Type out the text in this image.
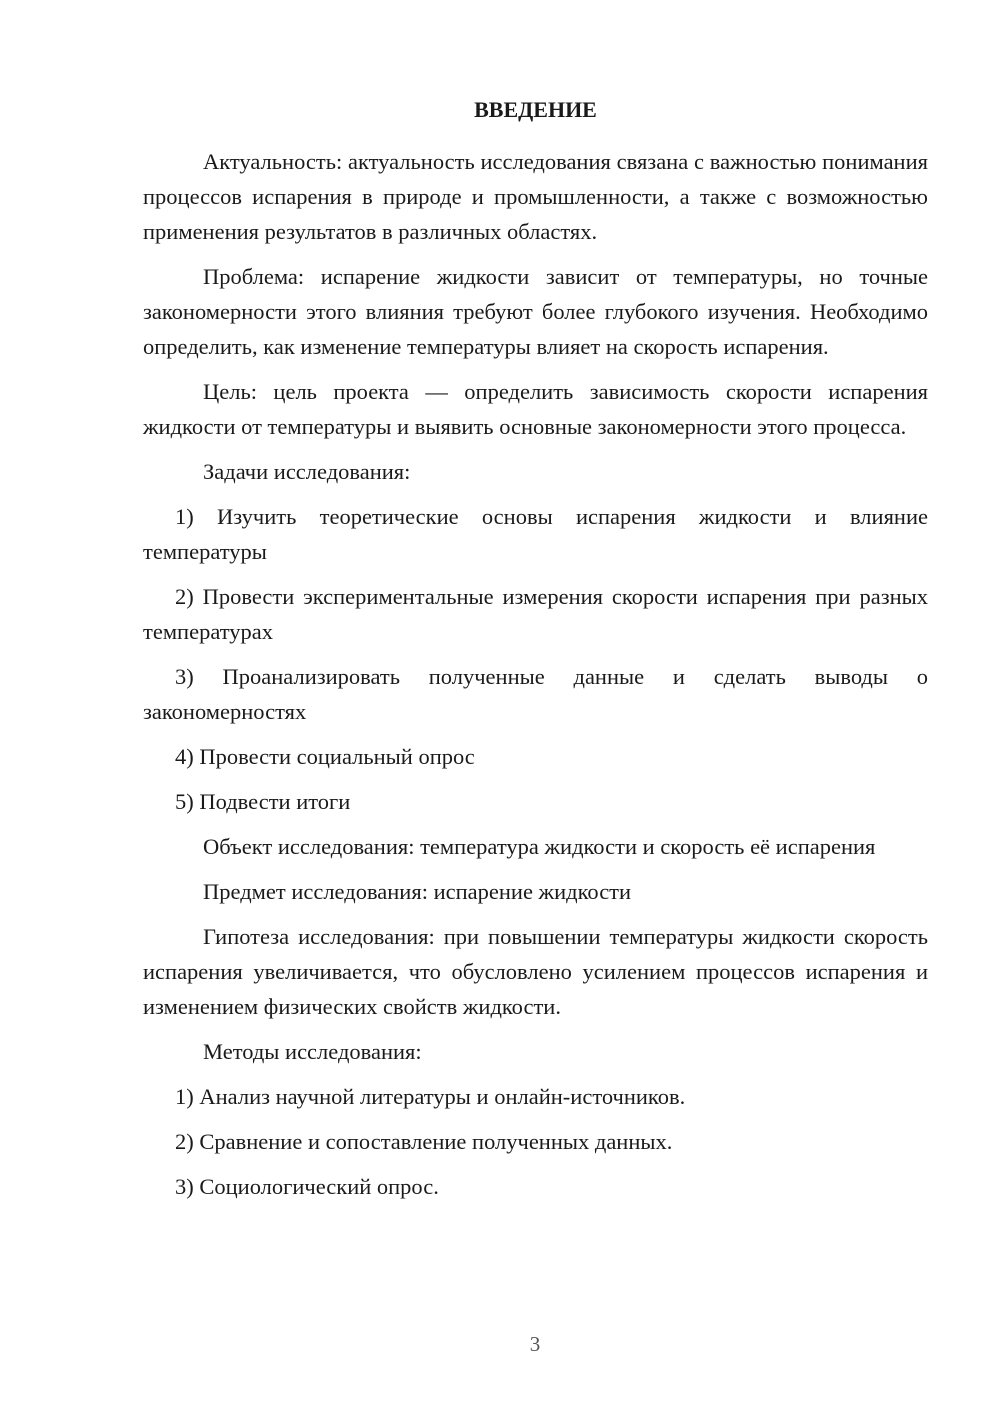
ВВЕДЕНИЕ

Актуальность: актуальность исследования связана с важностью понимания процессов испарения в природе и промышленности, а также с возможностью применения результатов в различных областях.

Проблема: испарение жидкости зависит от температуры, но точные закономерности этого влияния требуют более глубокого изучения. Необходимо определить, как изменение температуры влияет на скорость испарения.

Цель: цель проекта — определить зависимость скорости испарения жидкости от температуры и выявить основные закономерности этого процесса.

Задачи исследования:

1) Изучить теоретические основы испарения жидкости и влияние температуры

2) Провести экспериментальные измерения скорости испарения при разных температурах

3) Проанализировать полученные данные и сделать выводы о закономерностях

4) Провести социальный опрос

5) Подвести итоги

Объект исследования: температура жидкости и скорость её испарения

Предмет исследования: испарение жидкости

Гипотеза исследования: при повышении температуры жидкости скорость испарения увеличивается, что обусловлено усилением процессов испарения и изменением физических свойств жидкости.

Методы исследования:

1) Анализ научной литературы и онлайн-источников.

2) Сравнение и сопоставление полученных данных.

3) Социологический опрос.

3
